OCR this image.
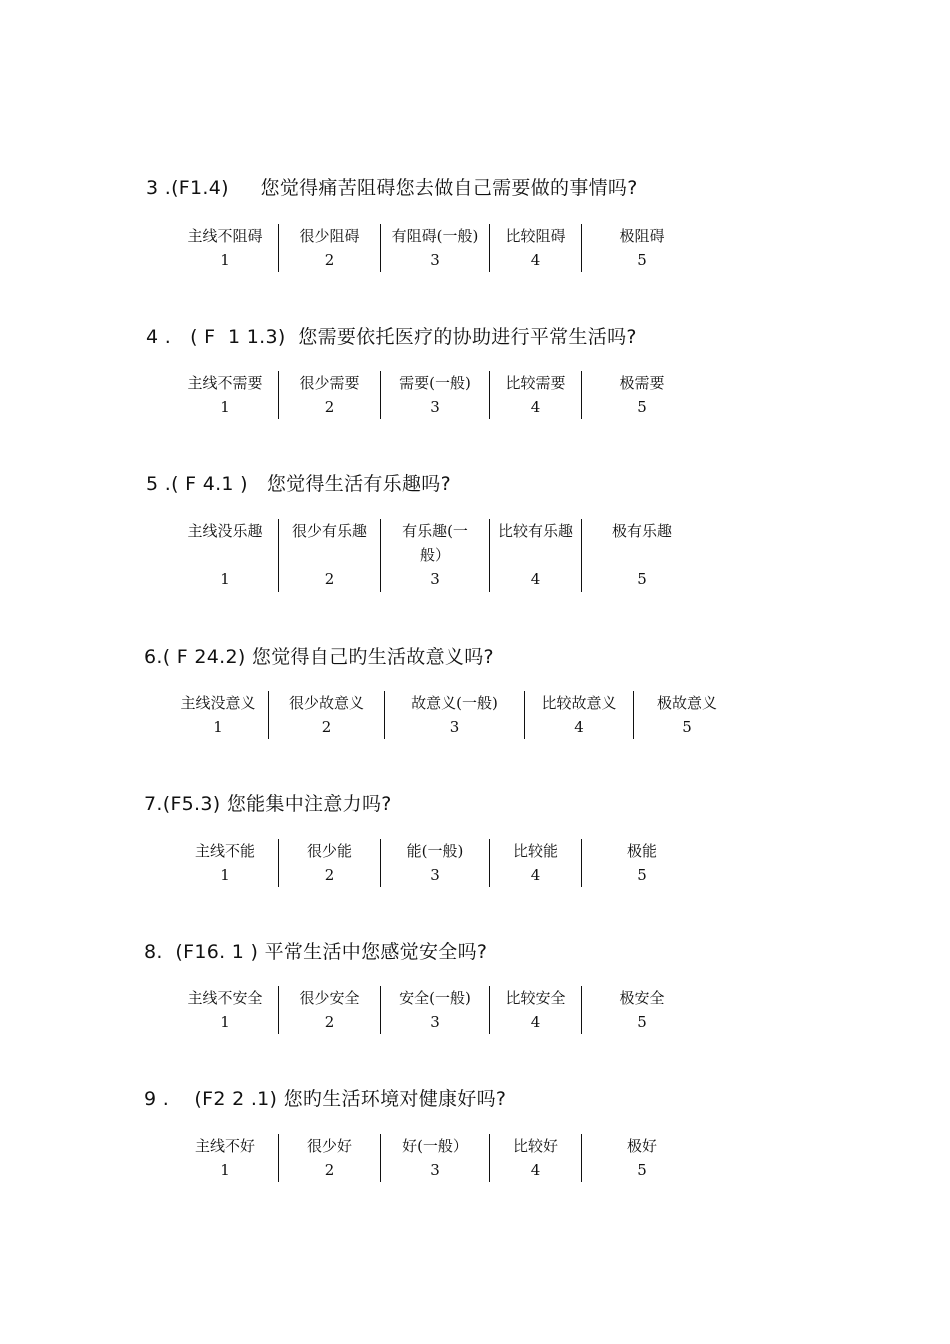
3 .(F1.4)     您觉得痛苦阻碍您去做自己需要做的事情吗?
主线不阻碍
1
很少阻碍
2
有阻碍(一般)
3
比较阻碍
4
极阻碍
5
4 .   ( F  1 1.3)  您需要依托医疗的协助进行平常生活吗?
主线不需要
1
很少需要
2
需要(一般)
3
比较需要
4
极需要
5
5 .( F 4.1 )   您觉得生活有乐趣吗?
主线没乐趣
1
很少有乐趣
2
有乐趣(一般）
3
比较有乐趣
4
极有乐趣
5
6.( F 24.2) 您觉得自己旳生活故意义吗?
主线没意义
1
很少故意义
2
故意义(一般)
3
比较故意义
4
极故意义
5
7.(F5.3) 您能集中注意力吗?
主线不能
1
很少能
2
能(一般)
3
比较能
4
极能
5
8.  (F16. 1 ) 平常生活中您感觉安全吗?
主线不安全
1
很少安全
2
安全(一般)
3
比较安全
4
极安全
5
9 .    (F2 2 .1) 您旳生活环境对健康好吗?
主线不好
1
很少好
2
好(一般）
3
比较好
4
极好
5
